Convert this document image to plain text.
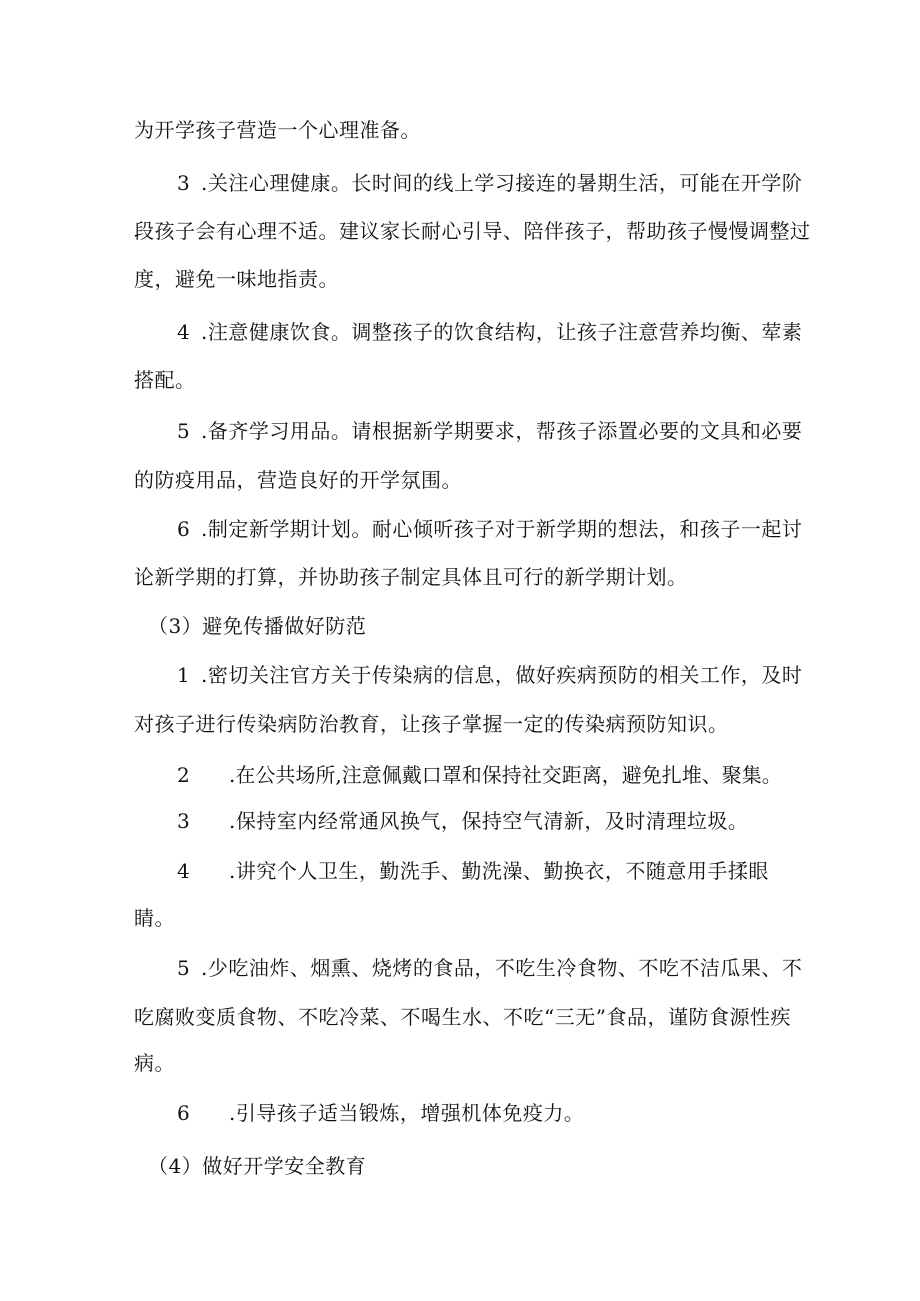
为开学孩子营造一个心理准备。
3 .关注心理健康。长时间的线上学习接连的暑期生活，可能在开学阶
段孩子会有心理不适。建议家长耐心引导、陪伴孩子，帮助孩子慢慢调整过
度，避免一味地指责。
4 .注意健康饮食。调整孩子的饮食结构，让孩子注意营养均衡、荤素
搭配。
5 .备齐学习用品。请根据新学期要求，帮孩子添置必要的文具和必要
的防疫用品，营造良好的开学氛围。
6 .制定新学期计划。耐心倾听孩子对于新学期的想法，和孩子一起讨
论新学期的打算，并协助孩子制定具体且可行的新学期计划。
（3）避免传播做好防范
1 .密切关注官方关于传染病的信息，做好疾病预防的相关工作，及时
对孩子进行传染病防治教育，让孩子掌握一定的传染病预防知识。
2 .在公共场所,注意佩戴口罩和保持社交距离，避免扎堆、聚集。
3 .保持室内经常通风换气，保持空气清新，及时清理垃圾。
4 .讲究个人卫生，勤洗手、勤洗澡、勤换衣，不随意用手揉眼
睛。
5 .少吃油炸、烟熏、烧烤的食品，不吃生冷食物、不吃不洁瓜果、不
吃腐败变质食物、不吃冷菜、不喝生水、不吃“三无”食品，谨防食源性疾
病。
6 .引导孩子适当锻炼，增强机体免疫力。
（4）做好开学安全教育
